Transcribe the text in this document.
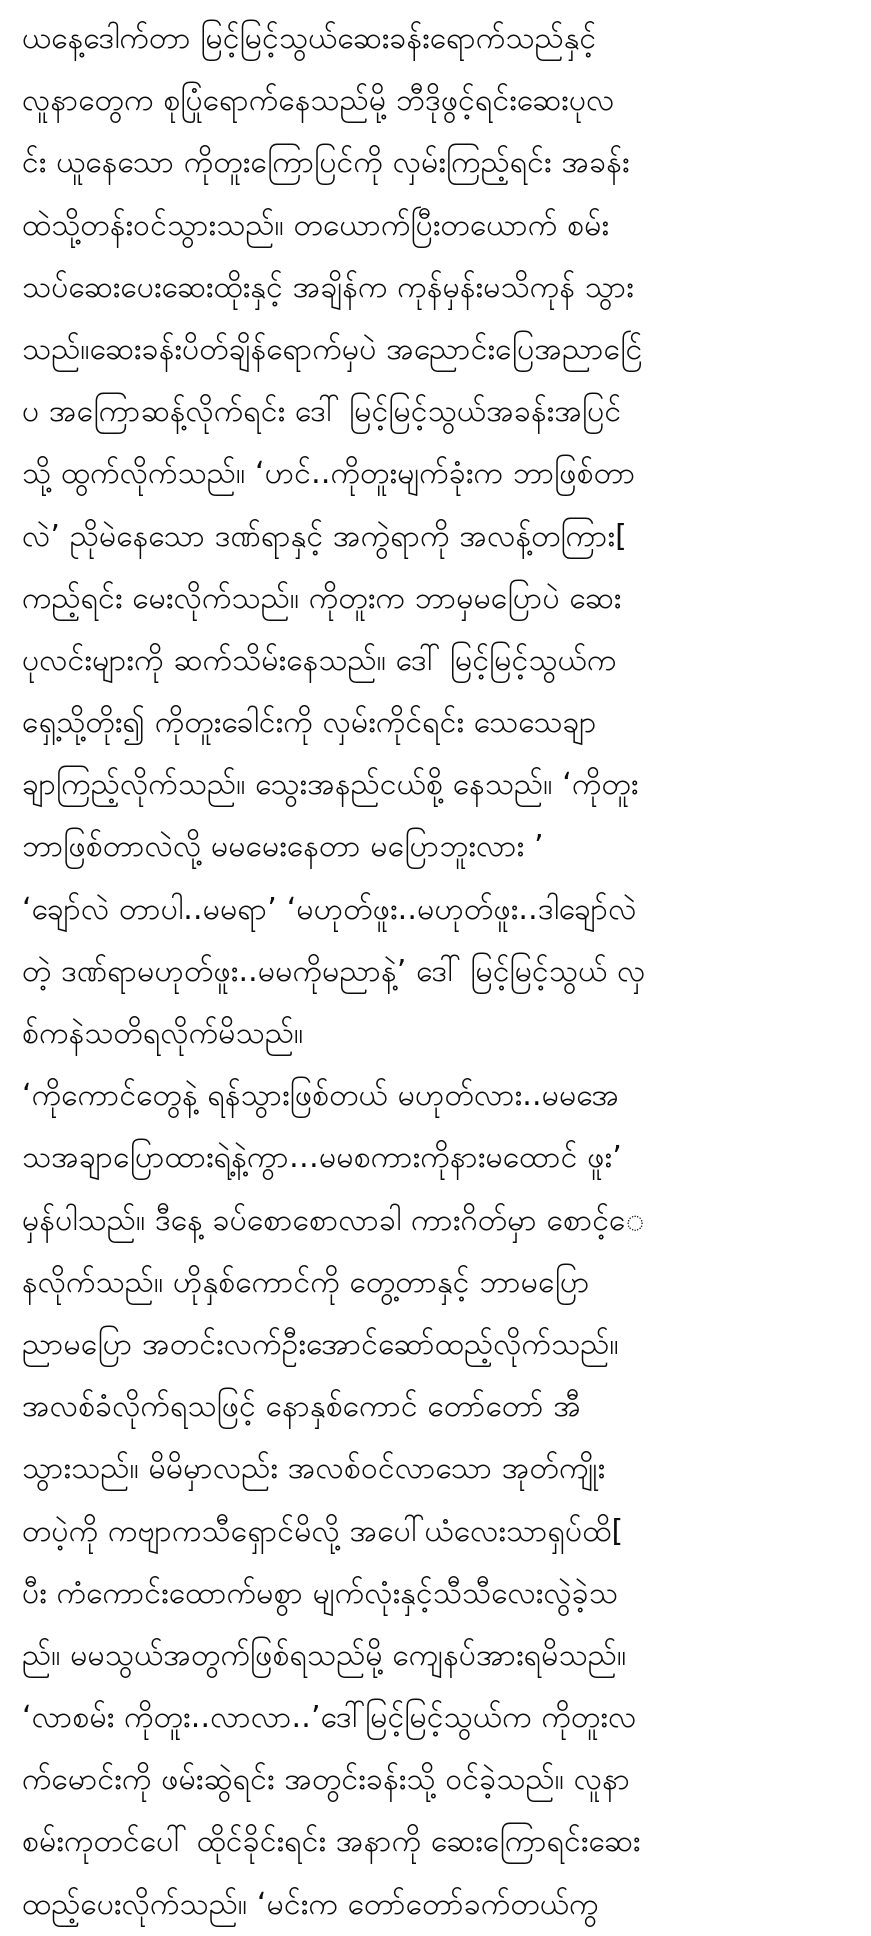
ယနေ့ဒေါက်တာ မြင့်မြင့်သွယ်ဆေးခန်းရောက်သည်နှင့်
လူနာတွေက စုပြုံရောက်နေသည်မို့ ဘီဒိုဖွင့်ရင်းဆေးပုလ
င်း ယူနေသော ကိုတူးကြောပြင်ကို လှမ်းကြည့်ရင်း အခန်း
ထဲသို့တန်း၀င်သွားသည်။ တယောက်ပြီးတယောက် စမ်း
သပ်ဆေးပေးဆေးထိုးနှင့် အချိန်က ကုန်မှန်းမသိကုန် သွား
သည်။ဆေးခန်းပိတ်ချိန်ရောက်မှပဲ အညောင်းပြေအညာင်ြေ
ပ အကြောဆန့်လိုက်ရင်း ဒေါ် မြင့်မြင့်သွယ်အခန်းအပြင်
သို့ ထွက်လိုက်သည်။ ‘ဟင်..ကိုတူးမျက်ခုံးက ဘာဖြစ်တာ
လဲ’ ညိုမဲနေသော ဒဏ်ရာနှင့် အကွဲရာကို အလန့်တကြား[
ကည့်ရင်း မေးလိုက်သည်။ ကိုတူးက ဘာမှမပြောပဲ ဆေး
ပုလင်းများကို ဆက်သိမ်းနေသည်။ ဒေါ် မြင့်မြင့်သွယ်က
ရှေ့သို့တိုး၍ ကိုတူးခေါင်းကို လှမ်းကိုင်ရင်း သေသေချာ
ချာကြည့်လိုက်သည်။ သွေးအနည်ငယ်စို့ နေသည်။ ‘ကိုတူး
ဘာဖြစ်တာလဲလို့ မမမေးနေတာ မပြောဘူးလား ’
‘ချော်လဲ တာပါ..မမရာ’ ‘မဟုတ်ဖူး..မဟုတ်ဖူး..ဒါချော်လဲ
တဲ့ ဒဏ်ရာမဟုတ်ဖူး..မမကိုမညာနဲ့’ ဒေါ် မြင့်မြင့်သွယ် လှ
စ်ကနဲသတိရလိုက်မိသည်။
‘ကိုကောင်တွေနဲ့ ရန်သွားဖြစ်တယ် မဟုတ်လား..မမအေ
သအချာပြောထားရဲ့နဲ့ကွာ…မမစကားကိုနားမထောင် ဖူး’
မှန်ပါသည်။ ဒီနေ့ ခပ်စောစောလာခါ ကားဂိတ်မှာ စောင့်ေ
နလိုက်သည်။ ဟိုနှစ်ကောင်ကို တွေ့တာနှင့် ဘာမပြော
ညာမပြော အတင်းလက်ဦးအောင်ဆော်ထည့်လိုက်သည်။
အလစ်ခံလိုက်ရသဖြင့် နောနှစ်ကောင် တော်တော် အီ
သွားသည်။ မိမိမှာလည်း အလစ်၀င်လာသော အုတ်ကျိုး
တပဲ့ကို ကဗျာကသီရှောင်မိလို့ အပေါ်ယံလေးသာရှပ်ထိ[
ပီး ကံကောင်းထောက်မစွာ မျက်လုံးနှင့်သီသီလေးလွဲခဲ့သ
ည်။ မမသွယ်အတွက်ဖြစ်ရသည်မို့ ကျေနပ်အားရမိသည်။
‘လာစမ်း ကိုတူး..လာလာ..’ဒေါ်မြင့်မြင့်သွယ်က ကိုတူးလ
က်မောင်းကို ဖမ်းဆွဲရင်း အတွင်းခန်းသို့ ၀င်ခဲ့သည်။ လူနာ
စမ်းကုတင်ပေါ် ထိုင်ခိုင်းရင်း အနာကို ဆေးကြောရင်းဆေး
ထည့်ပေးလိုက်သည်။ ‘မင်းက တော်တော်ခက်တယ်ကွ
